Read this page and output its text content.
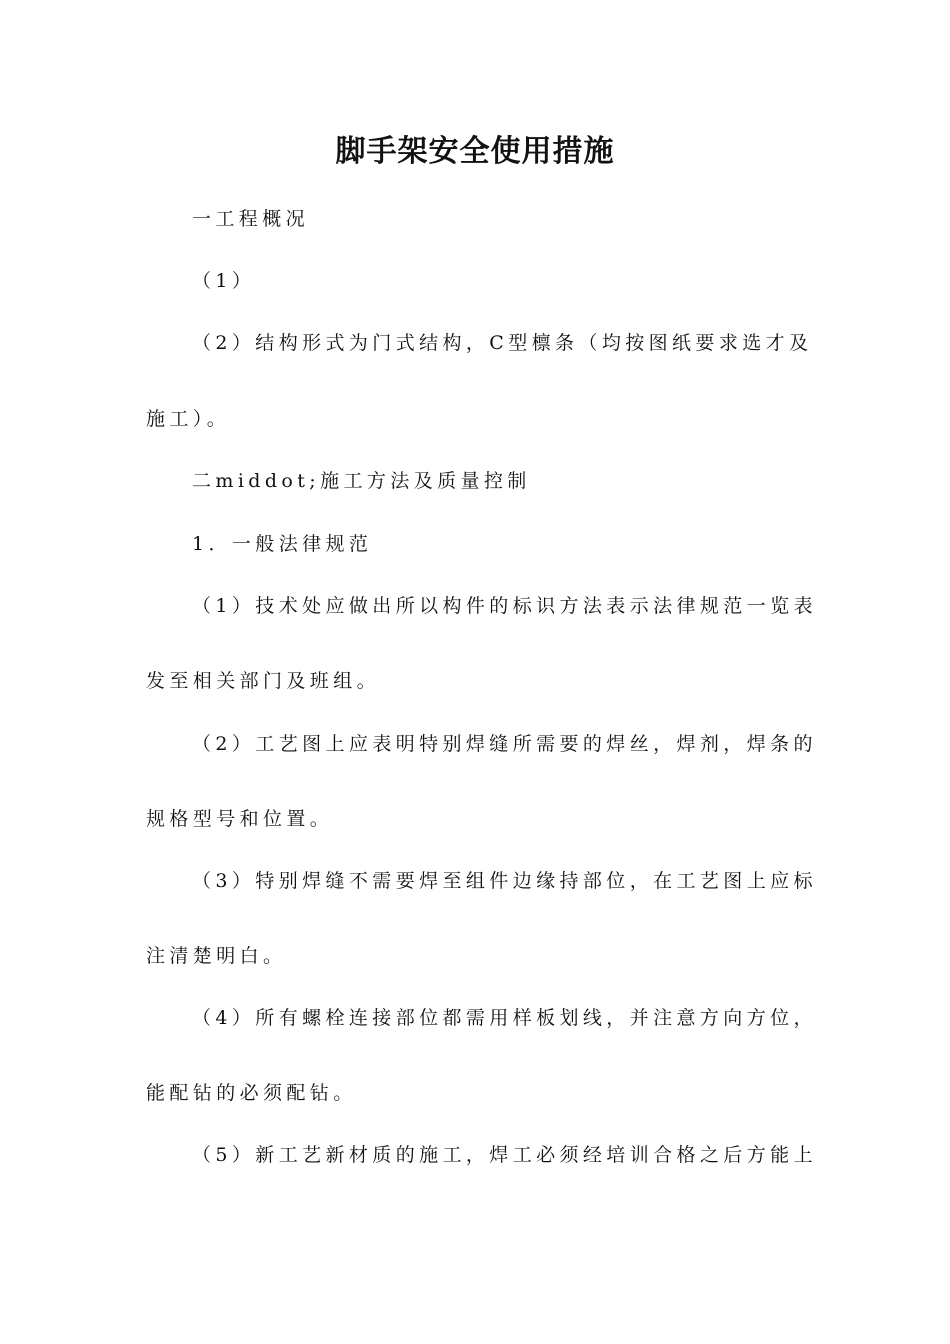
脚手架安全使用措施
一工程概况
（1）
（2）结构形式为门式结构，C型檩条（均按图纸要求选才及
施工）。
二middot;施工方法及质量控制
1．一般法律规范
（1）技术处应做出所以构件的标识方法表示法律规范一览表
发至相关部门及班组。
（2）工艺图上应表明特别焊缝所需要的焊丝，焊剂，焊条的
规格型号和位置。
（3）特别焊缝不需要焊至组件边缘持部位，在工艺图上应标
注清楚明白。
（4）所有螺栓连接部位都需用样板划线，并注意方向方位，
能配钻的必须配钻。
（5）新工艺新材质的施工，焊工必须经培训合格之后方能上
